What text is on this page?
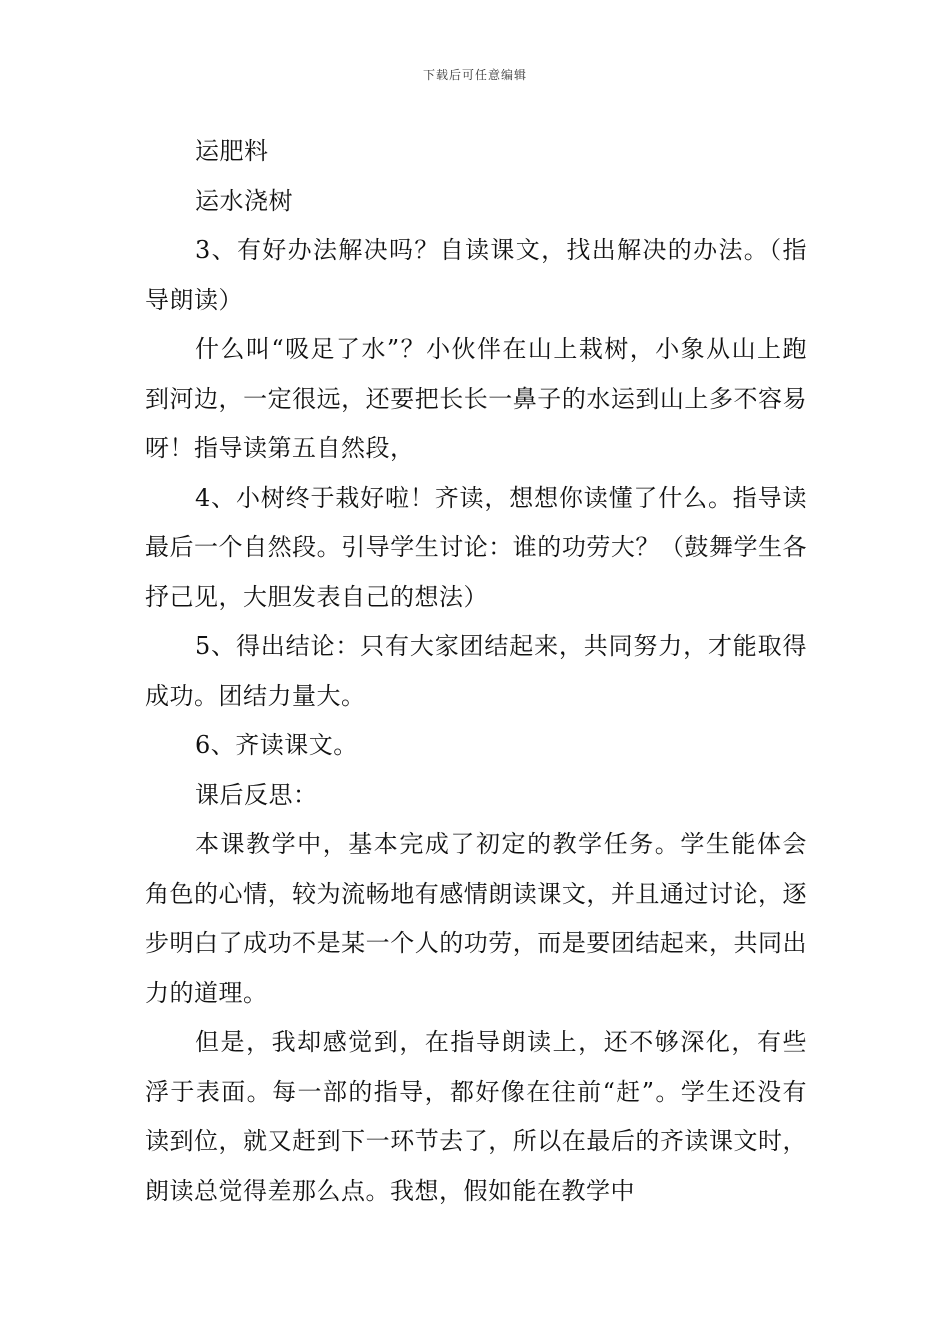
下载后可任意编辑

运肥料

运水浇树

3、有好办法解决吗？自读课文，找出解决的办法。（指导朗读）

什么叫“吸足了水”？小伙伴在山上栽树，小象从山上跑到河边，一定很远，还要把长长一鼻子的水运到山上多不容易呀！指导读第五自然段，

4、小树终于栽好啦！齐读，想想你读懂了什么。指导读最后一个自然段。引导学生讨论：谁的功劳大？（鼓舞学生各抒己见，大胆发表自己的想法）

5、得出结论：只有大家团结起来，共同努力，才能取得成功。团结力量大。

6、齐读课文。

课后反思：

本课教学中，基本完成了初定的教学任务。学生能体会角色的心情，较为流畅地有感情朗读课文，并且通过讨论，逐步明白了成功不是某一个人的功劳，而是要团结起来，共同出力的道理。

但是，我却感觉到，在指导朗读上，还不够深化，有些浮于表面。每一部的指导，都好像在往前“赶”。学生还没有读到位，就又赶到下一环节去了，所以在最后的齐读课文时，朗读总觉得差那么点。我想，假如能在教学中
